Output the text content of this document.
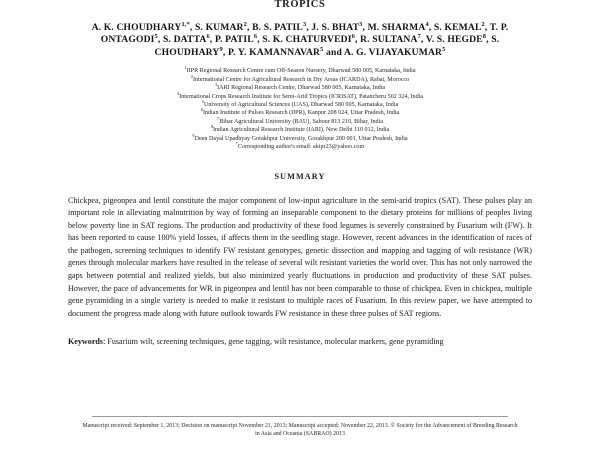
TROPICS
A. K. $CHOUDHARY^{1,*}$, S. KUMAR$^2$, B. S. PATIL$^3$, J. S. BHAT$^3$, M. SHARMA$^4$, S. KEMAL$^2$, T. P. ONTAGODI$^5$, S. DATTA$^6$, P. PATIL$^6$, S. K. CHATURVEDI$^6$, R. SULTANA$^7$, V. S. HEGDE$^8$, S. CHOUDHARY$^9$, P. Y. KAMANNAVAR$^5$ and A. G. VIJAYAKUMAR$^5$
$^1$IIPR Regional Research Centre cum Off-Season Nursery, Dharwad 580 005, Karnataka, India
$^2$International Centre for Agricultural Research in Dry Areas (ICARDA), Rabat, Morocco
$^3$IARI Regional Research Centre, Dharwad 580 005, Karnataka, India
$^4$International Crops Research Institute for Semi-Arid Tropics (ICRISAT), Patancheru 502 324, India
$^5$University of Agricultural Sciences (UAS), Dharwad 580 005, Karnataka, India
$^6$Indian Institute of Pulses Research (IIPR), Kanpur 208 024, Uttar Pradesh, India
$^7$Bihar Agricultural University (BAU), Sabour 813 210, Bihar, India
$^8$Indian Agricultural Research Institute (IARI), New Delhi 110 012, India
$^9$Deen Dayal Upadhyay Gorakhpur University, Gorakhpur 200 001, Uttar Pradesh, India
*Corresponding author's email: akipr23@yahoo.com
SUMMARY
Chickpea, pigeonpea and lentil constitute the major component of low-input agriculture in the semi-arid tropics (SAT). These pulses play an important role in alleviating malnutrition by way of forming an inseparable component to the dietary proteins for millions of peoples living below poverty line in SAT regions. The production and productivity of these food legumes is severely constrained by Fusarium wilt (FW). It has been reported to cause 100% yield losses, if affects them in the seedling stage. However, recent advances in the identification of races of the pathogen, screening techniques to identify FW resistant genotypes, genetic dissection and mapping and tagging of wilt resistance (WR) genes through molecular markers have resulted in the release of several wilt resistant varieties the world over. This has not only narrowed the gaps between potential and realized yields, but also minimized yearly fluctuations in production and productivity of these SAT pulses. However, the pace of advancements for WR in pigeonpea and lentil has not been comparable to those of chickpea. Even in chickpea, multiple gene pyramiding in a single variety is needed to make it resistant to multiple races of Fusarium. In this review paper, we have attempted to document the progress made along with future outlook towards FW resistance in these three pulses of SAT regions.
Keywords: Fusarium wilt, screening techniques, gene tagging, wilt resistance, molecular markers, gene pyramiding
Manuscript received: September 1, 2013; Decision on manuscript November 21, 2013; Manuscript accepted: November 22, 2013. © Society for the Advancement of Breeding Research in Asia and Oceania (SABRAO) 2013
